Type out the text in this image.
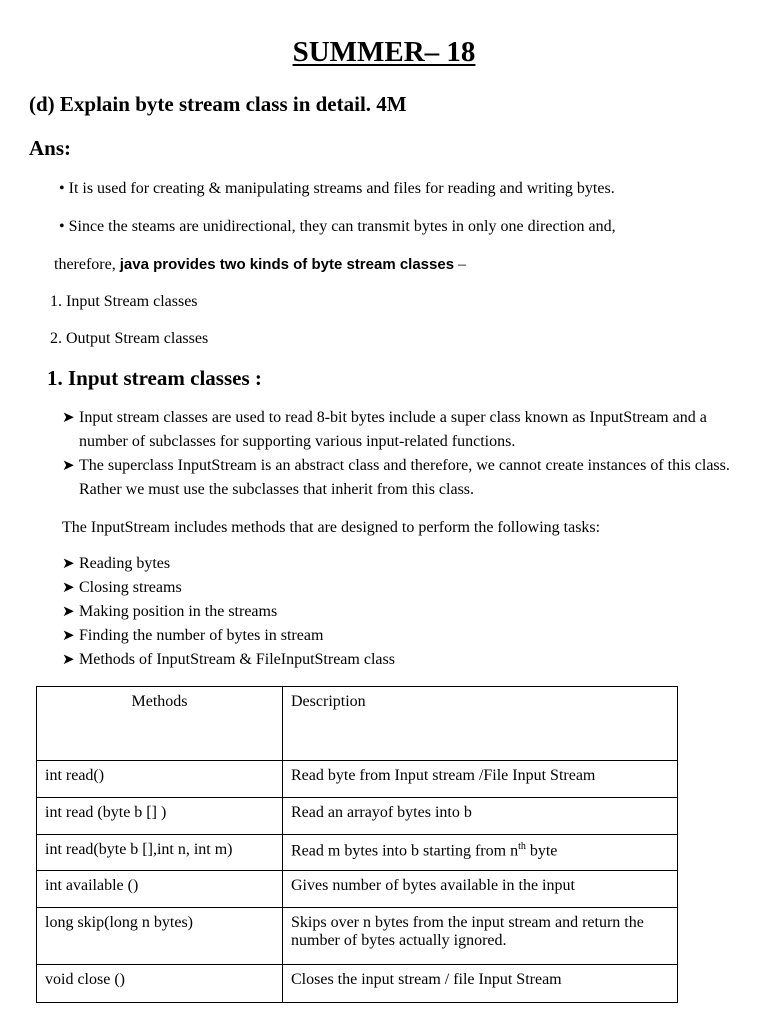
SUMMER– 18
(d) Explain byte stream class in detail. 4M
Ans:
• It is used for creating & manipulating streams and files for reading and writing bytes.
• Since the steams are unidirectional, they can transmit bytes in only one direction and,
therefore, java provides two kinds of byte stream classes –
1. Input Stream classes
2. Output Stream classes
1. Input stream classes :
➤ Input stream classes are used to read 8-bit bytes include a super class known as InputStream and a number of subclasses for supporting various input-related functions.
➤ The superclass InputStream is an abstract class and therefore, we cannot create instances of this class. Rather we must use the subclasses that inherit from this class.
The InputStream includes methods that are designed to perform the following tasks:
➤ Reading bytes
➤ Closing streams
➤ Making position in the streams
➤ Finding the number of bytes in stream
➤ Methods of InputStream & FileInputStream class
Methods	Description
int read()	Read byte from Input stream /File Input Stream
int read (byte b [] )	Read an arrayof bytes into b
int read(byte b [],int n, int m)	Read m bytes into b starting from $n^{th}$ byte
int available ()	Gives number of bytes available in the input
long skip(long n bytes)	Skips over n bytes from the input stream and return the number of bytes actually ignored.
void close ()	Closes the input stream / file Input Stream
